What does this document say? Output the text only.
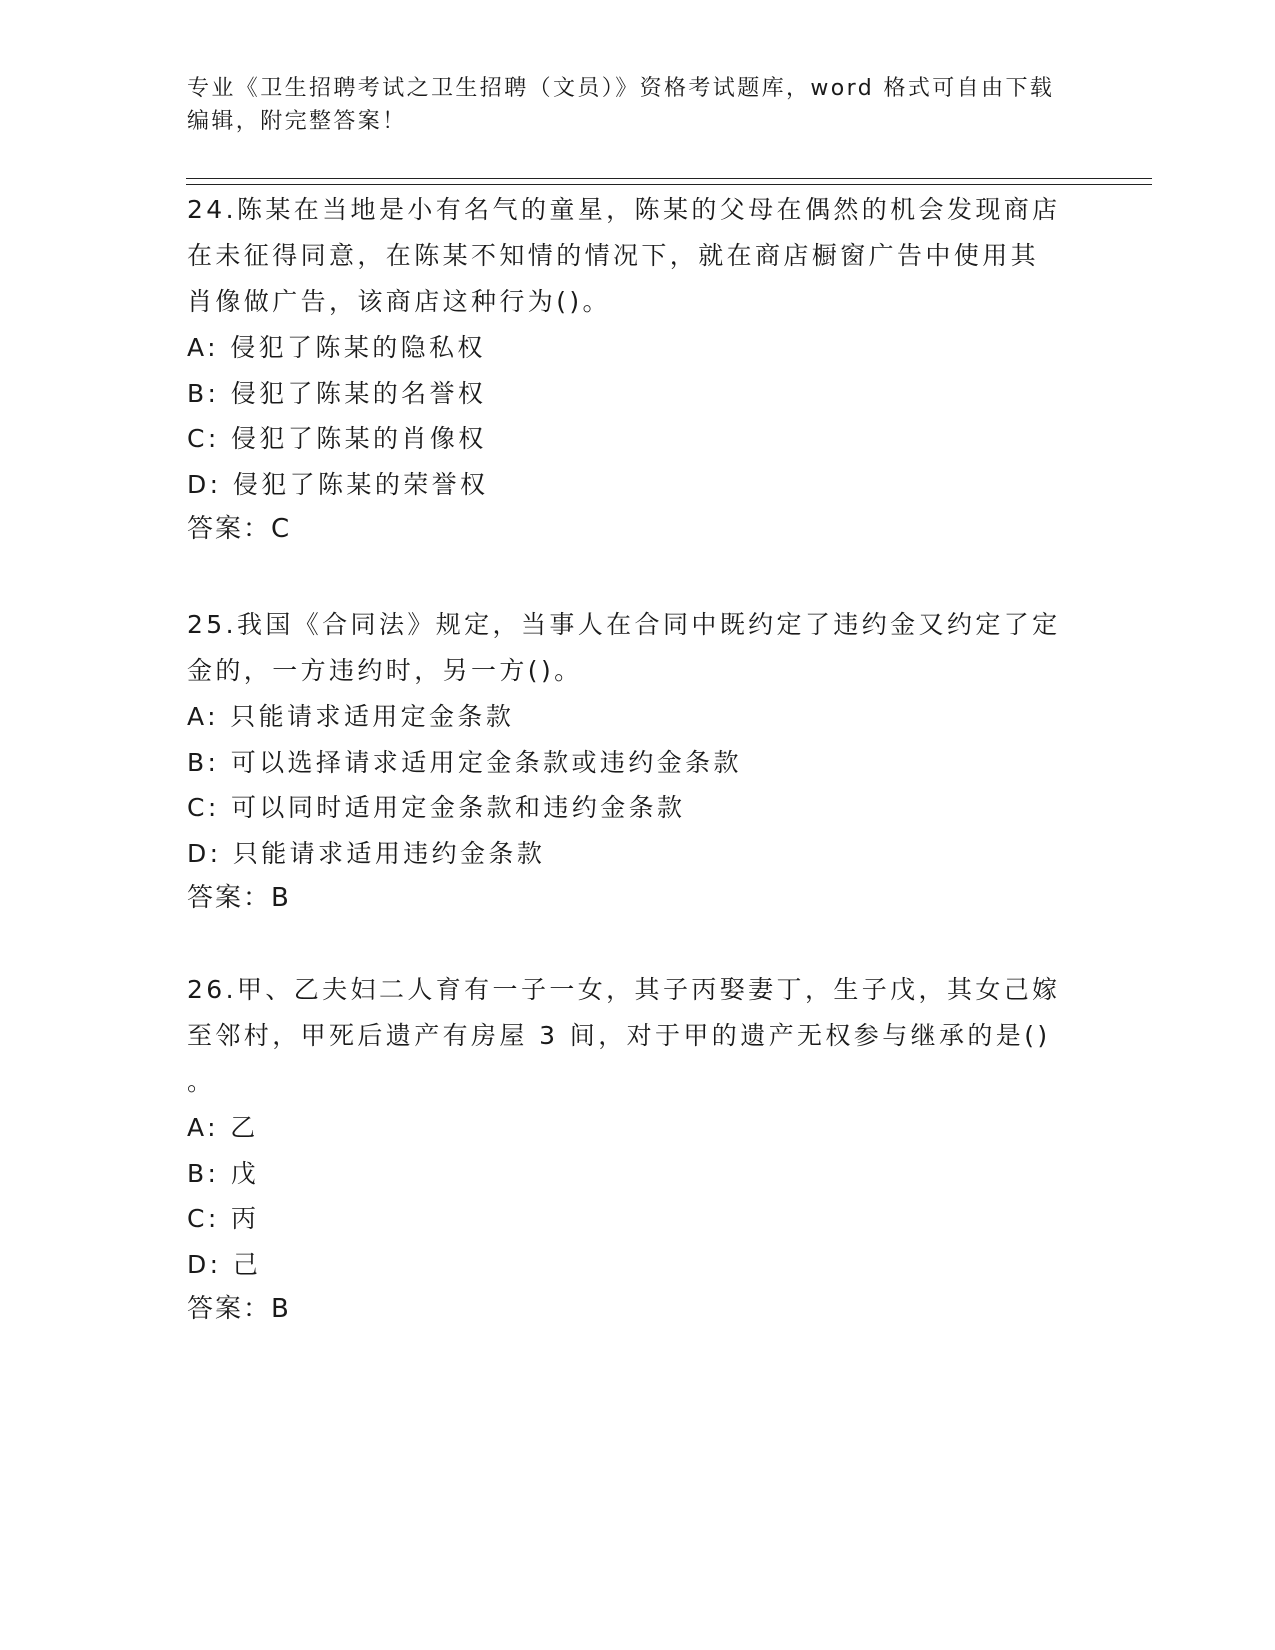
专业《卫生招聘考试之卫生招聘（文员）》资格考试题库，word 格式可自由下载
编辑，附完整答案！
24.陈某在当地是小有名气的童星，陈某的父母在偶然的机会发现商店
在未征得同意，在陈某不知情的情况下，就在商店橱窗广告中使用其
肖像做广告，该商店这种行为()。
A: 侵犯了陈某的隐私权
B: 侵犯了陈某的名誉权
C: 侵犯了陈某的肖像权
D: 侵犯了陈某的荣誉权
答案：C
25.我国《合同法》规定，当事人在合同中既约定了违约金又约定了定
金的，一方违约时，另一方()。
A: 只能请求适用定金条款
B: 可以选择请求适用定金条款或违约金条款
C: 可以同时适用定金条款和违约金条款
D: 只能请求适用违约金条款
答案：B
26.甲、乙夫妇二人育有一子一女，其子丙娶妻丁，生子戊，其女己嫁
至邻村，甲死后遗产有房屋 3 间，对于甲的遗产无权参与继承的是()
。
A: 乙
B: 戊
C: 丙
D: 己
答案：B
